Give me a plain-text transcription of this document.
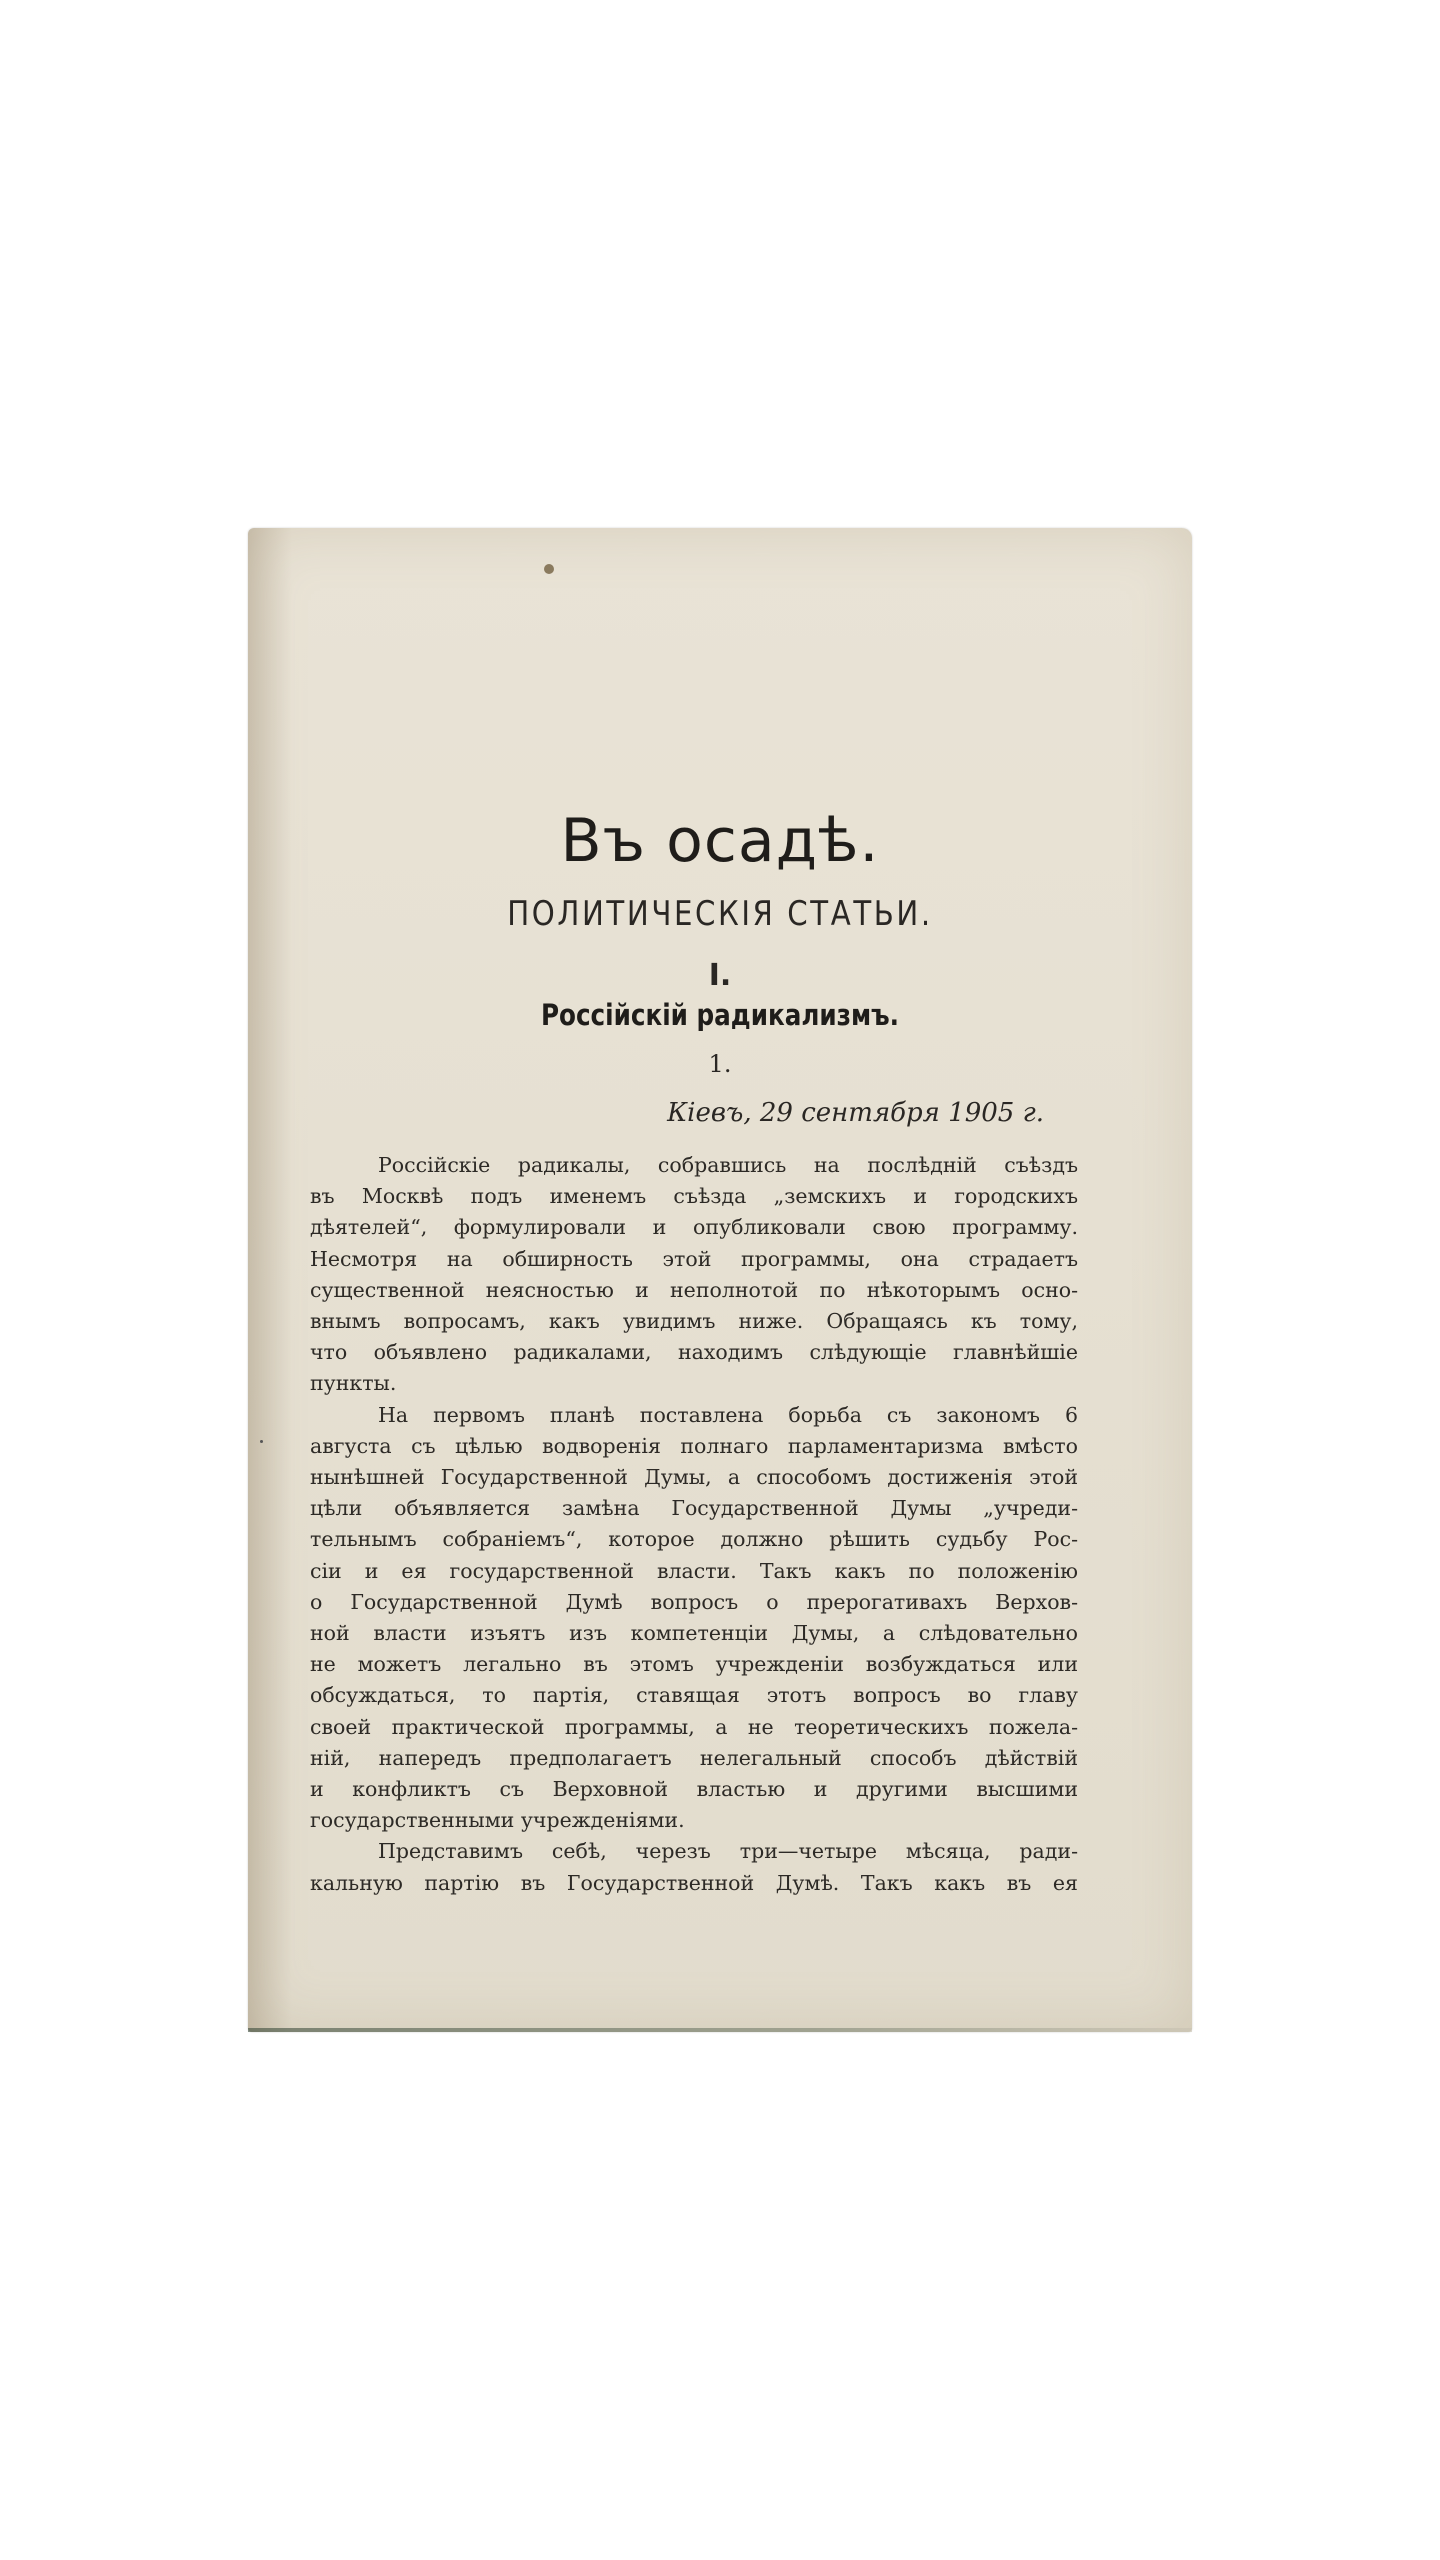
Въ осадѣ.
ПОЛИТИЧЕСКІЯ СТАТЬИ.
I.
Россійскій радикализмъ.
1.
Кіевъ, 29 сентября 1905 г.
Россійскіе радикалы, собравшись на послѣдній съѣздъ
въ Москвѣ подъ именемъ съѣзда „земскихъ и городскихъ
дѣятелей“, формулировали и опубликовали свою программу.
Несмотря на обширность этой программы, она страдаетъ
существенной неясностью и неполнотой по нѣкоторымъ осно-
внымъ вопросамъ, какъ увидимъ ниже. Обращаясь къ тому,
что объявлено радикалами, находимъ слѣдующіе главнѣйшіе
пункты.
На первомъ планѣ поставлена борьба съ закономъ 6
августа съ цѣлью водворенія полнаго парламентаризма вмѣсто
нынѣшней Государственной Думы, а способомъ достиженія этой
цѣли объявляется замѣна Государственной Думы „учреди-
тельнымъ собраніемъ“, которое должно рѣшить судьбу Рос-
сіи и ея государственной власти. Такъ какъ по положенію
о Государственной Думѣ вопросъ о прерогативахъ Верхов-
ной власти изъятъ изъ компетенціи Думы, а слѣдовательно
не можетъ легально въ этомъ учрежденіи возбуждаться или
обсуждаться, то партія, ставящая этотъ вопросъ во главу
своей практической программы, а не теоретическихъ пожела-
ній, напередъ предполагаетъ нелегальный способъ дѣйствій
и конфликтъ съ Верховной властью и другими высшими
государственными учрежденіями.
Представимъ себѣ, черезъ три—четыре мѣсяца, ради-
кальную партію въ Государственной Думѣ. Такъ какъ въ ея
